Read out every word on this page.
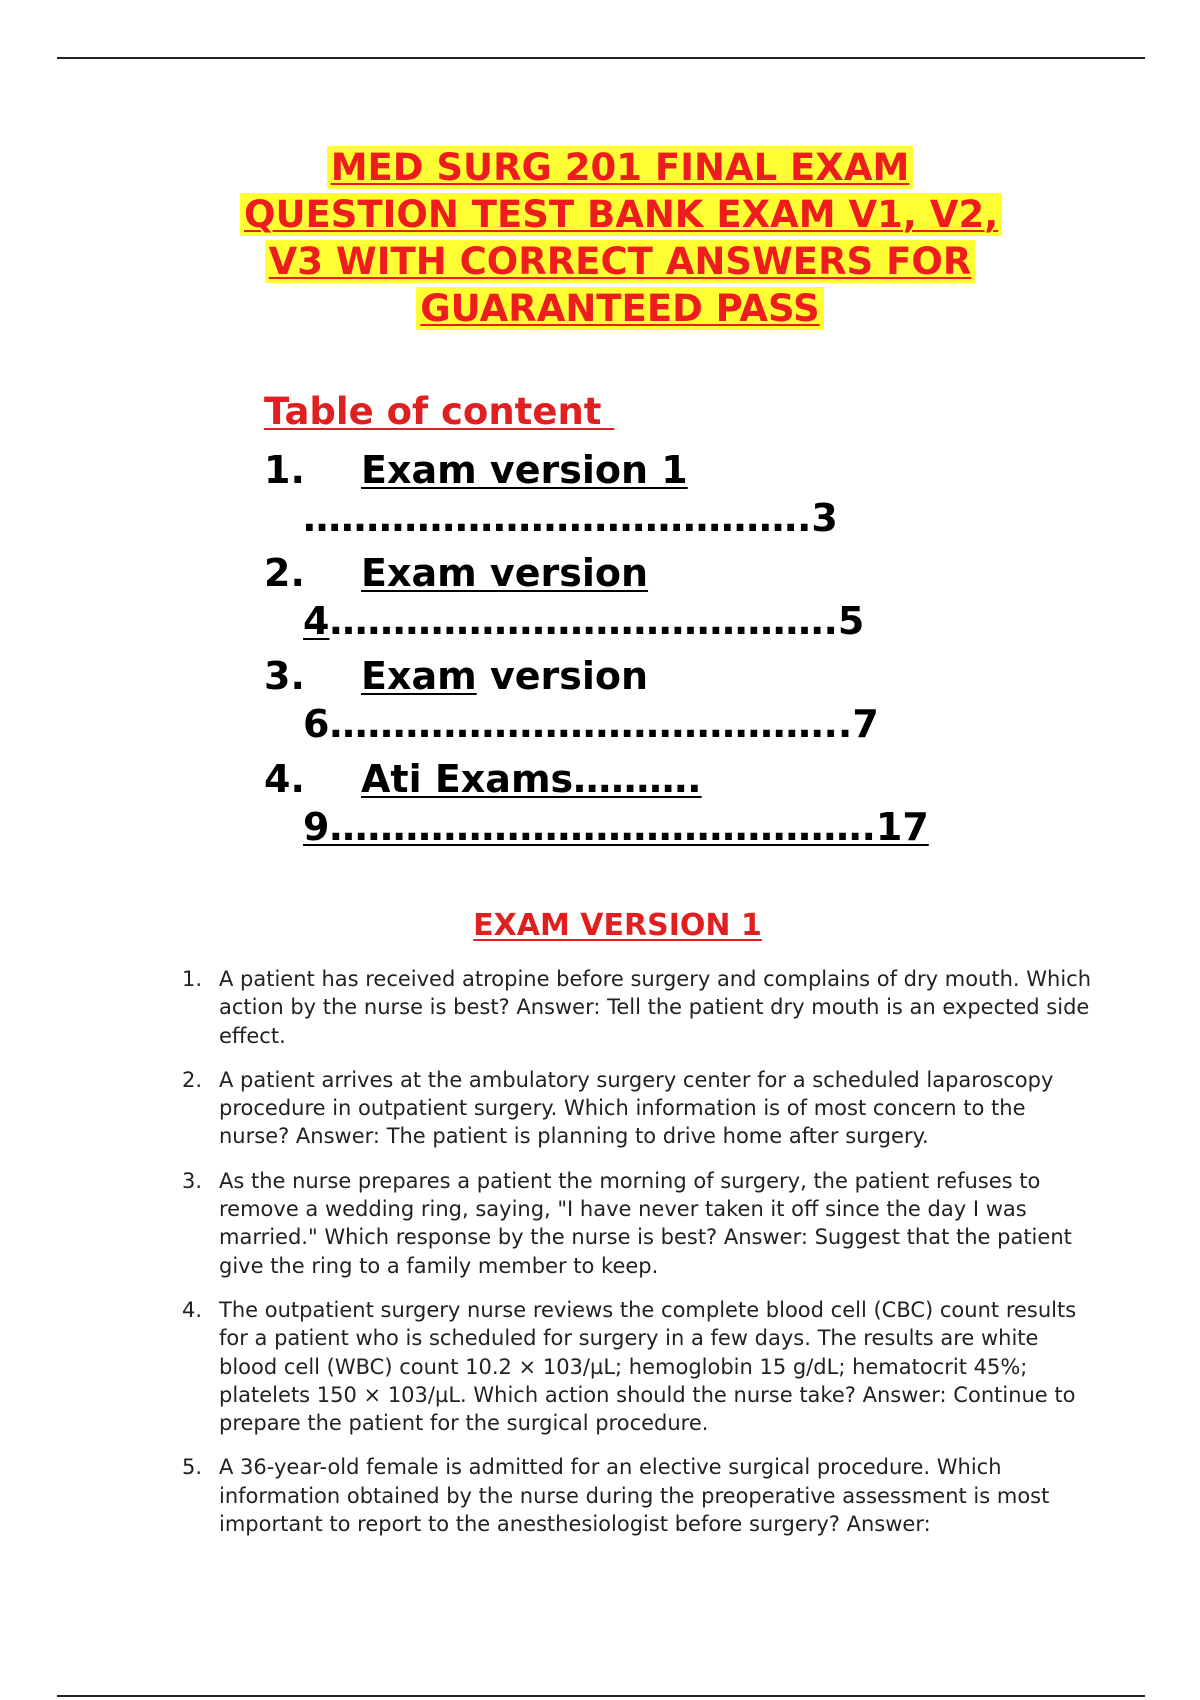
MED SURG 201 FINAL EXAM QUESTION TEST BANK EXAM V1, V2, V3 WITH CORRECT ANSWERS FOR GUARANTEED PASS
Table of content
1.	Exam version 1 ………………………………….3
2.	Exam version 4………………………………….5
3.	Exam version 6…………………………………..7
4.	Ati Exams……….9…………………………………….17
EXAM VERSION 1
1. A patient has received atropine before surgery and complains of dry mouth. Which action by the nurse is best? Answer: Tell the patient dry mouth is an expected side effect.
2. A patient arrives at the ambulatory surgery center for a scheduled laparoscopy procedure in outpatient surgery. Which information is of most concern to the nurse? Answer: The patient is planning to drive home after surgery.
3. As the nurse prepares a patient the morning of surgery, the patient refuses to remove a wedding ring, saying, "I have never taken it off since the day I was married." Which response by the nurse is best? Answer: Suggest that the patient give the ring to a family member to keep.
4. The outpatient surgery nurse reviews the complete blood cell (CBC) count results for a patient who is scheduled for surgery in a few days. The results are white blood cell (WBC) count 10.2 × 103/µL; hemoglobin 15 g/dL; hematocrit 45%; platelets 150 × 103/µL. Which action should the nurse take? Answer: Continue to prepare the patient for the surgical procedure.
5. A 36-year-old female is admitted for an elective surgical procedure. Which information obtained by the nurse during the preoperative assessment is most important to report to the anesthesiologist before surgery? Answer:
